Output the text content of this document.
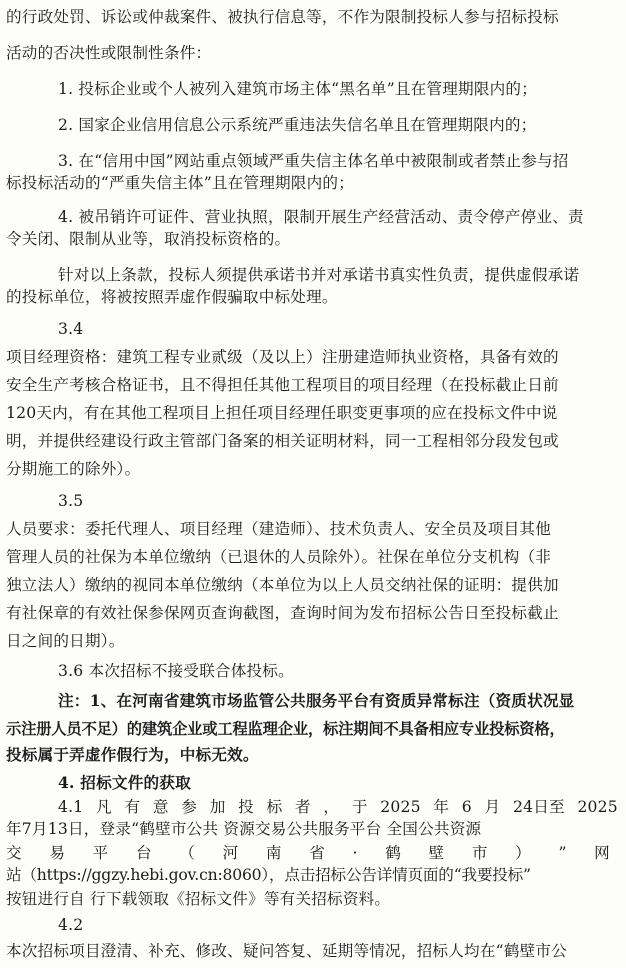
的行政处罚、诉讼或仲裁案件、被执行信息等，不作为限制投标人参与招标投标
活动的否决性或限制性条件：
1. 投标企业或个人被列入建筑市场主体“黑名单”且在管理期限内的；
2. 国家企业信用信息公示系统严重违法失信名单且在管理期限内的；
3. 在“信用中国”网站重点领域严重失信主体名单中被限制或者禁止参与招
标投标活动的“严重失信主体”且在管理期限内的；
4. 被吊销许可证件、营业执照，限制开展生产经营活动、责令停产停业、责
令关闭、限制从业等，取消投标资格的。
针对以上条款，投标人须提供承诺书并对承诺书真实性负责，提供虚假承诺
的投标单位，将被按照弄虚作假骗取中标处理。
3.4
项目经理资格：建筑工程专业贰级（及以上）注册建造师执业资格，具备有效的
安全生产考核合格证书，且不得担任其他工程项目的项目经理（在投标截止日前
120天内，有在其他工程项目上担任项目经理任职变更事项的应在投标文件中说
明，并提供经建设行政主管部门备案的相关证明材料，同一工程相邻分段发包或
分期施工的除外）。
3.5
人员要求：委托代理人、项目经理（建造师）、技术负责人、安全员及项目其他
管理人员的社保为本单位缴纳（已退休的人员除外）。社保在单位分支机构（非
独立法人）缴纳的视同本单位缴纳（本单位为以上人员交纳社保的证明：提供加
有社保章的有效社保参保网页查询截图，查询时间为发布招标公告日至投标截止
日之间的日期）。
3.6 本次招标不接受联合体投标。
注：1、在河南省建筑市场监管公共服务平台有资质异常标注（资质状况显
示注册人员不足）的建筑企业或工程监理企业，标注期间不具备相应专业投标资格，
投标属于弄虚作假行为，中标无效。
4. 招标文件的获取
4.1 凡 有 意 参 加 投 标 者 ， 于 2025 年 6 月 24日至 2025
年7月13日，登录“鹤壁市公共 资源交易公共服务平台 全国公共资源
交 易 平 台 （ 河 南 省 · 鹤 壁 市 ） ” 网
站（https://ggzy.hebi.gov.cn:8060），点击招标公告详情页面的“我要投标”
按钮进行自 行下载领取《招标文件》等有关招标资料。
4.2
本次招标项目澄清、补充、修改、疑问答复、延期等情况，招标人均在“鹤壁市公
